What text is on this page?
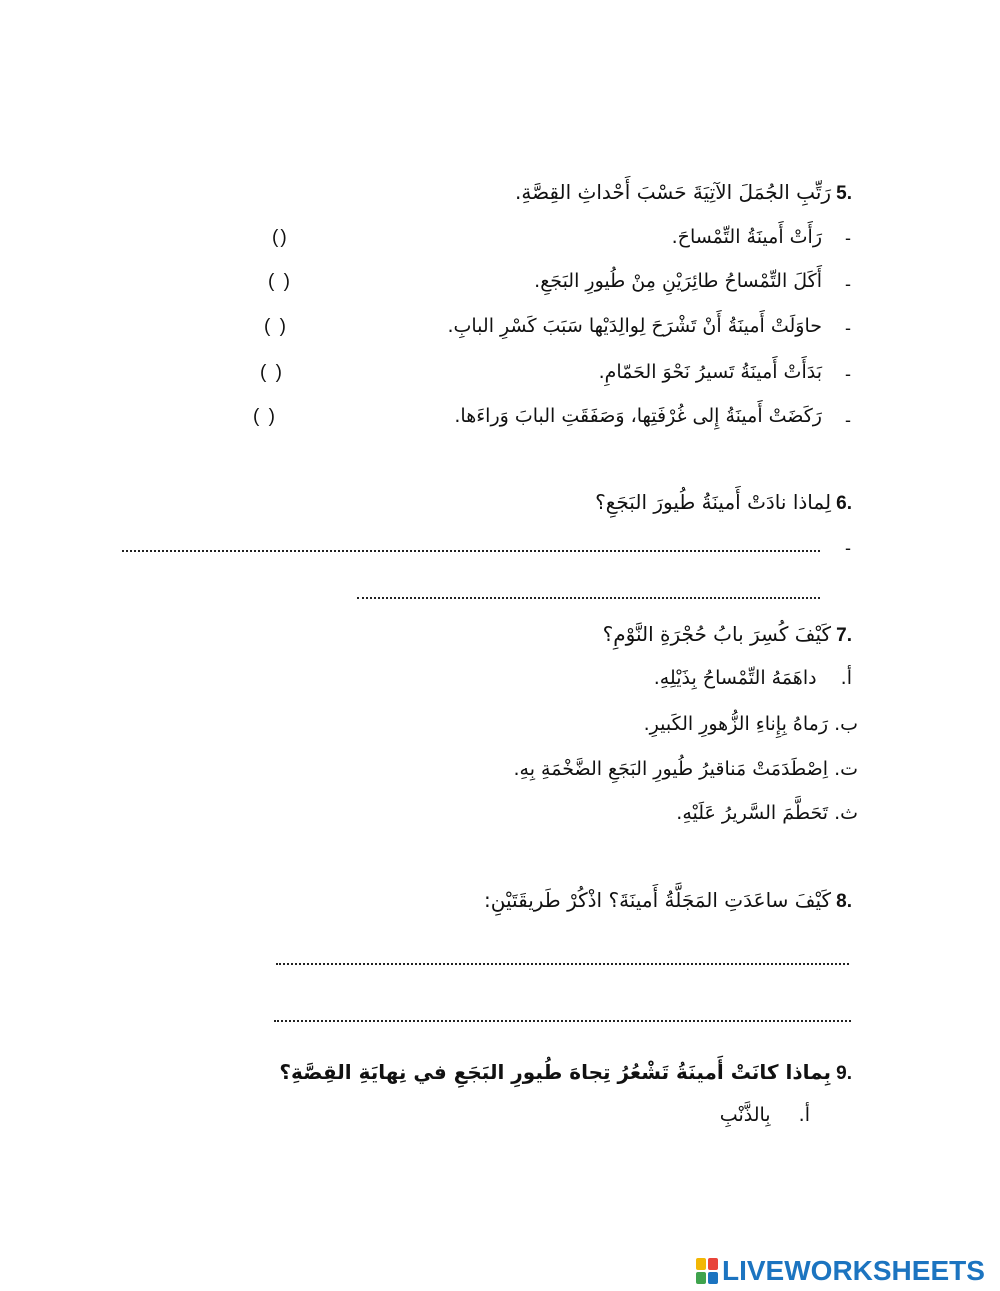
.5 رَتِّبِ الجُمَلَ الآتِيَةَ حَسْبَ أَحْداثِ القِصَّةِ.
-
رَأَتْ أَمينَةُ التِّمْساحَ.
()
-
أَكَلَ التِّمْساحُ طائِرَيْنِ مِنْ طُيورِ البَجَعِ.
( )
-
حاوَلَتْ أَمينَةُ أَنْ تَشْرَحَ لِوالِدَيْها سَبَبَ كَسْرِ البابِ.
( )
-
بَدَأَتْ أَمينَةُ تَسيرُ نَحْوَ الحَمّامِ.
( )
-
رَكَضَتْ أَمينَةُ إِلى غُرْفَتِها، وَصَفَقَتِ البابَ وَراءَها.
( )
.6 لِماذا نادَتْ أَمينَةُ طُيورَ البَجَعِ؟
-
.7 كَيْفَ كُسِرَ بابُ حُجْرَةِ النَّوْمِ؟
أ.  داهَمَهُ التِّمْساحُ بِذَيْلِهِ.
ب. رَماهُ بِإِناءِ الزُّهورِ الكَبيرِ.
ت. اِصْطَدَمَتْ مَناقيرُ طُيورِ البَجَعِ الضَّخْمَةِ بِهِ.
ث. تَحَطَّمَ السَّريرُ عَلَيْهِ.
.8 كَيْفَ ساعَدَتِ المَجَلَّةُ أَمينَةَ؟ اذْكُرْ طَريقَتَيْنِ:
.9 بِماذا كانَتْ أَمينَةُ تَشْعُرُ تِجاهَ طُيورِ البَجَعِ في نِهايَةِ القِصَّةِ؟
أ.  بِالذَّنْبِ
LIVEWORKSHEETS
